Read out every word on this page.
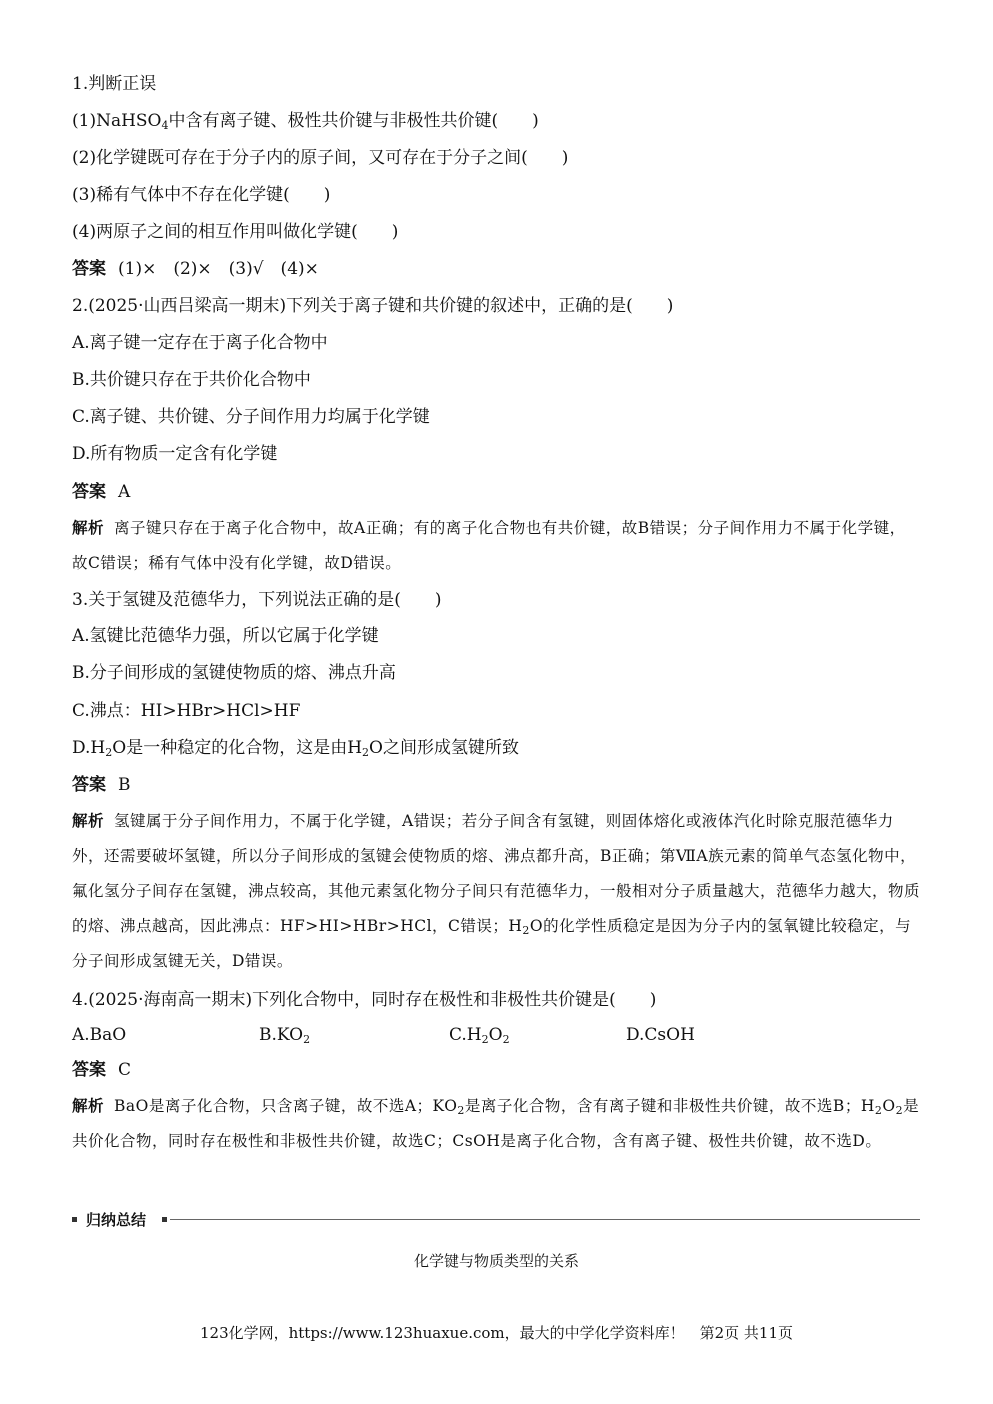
1.判断正误
(1)NaHSO$_4$中含有离子键、极性共价键与非极性共价键(　　)
(2)化学键既可存在于分子内的原子间，又可存在于分子之间(　　)
(3)稀有气体中不存在化学键(　　)
(4)两原子之间的相互作用叫做化学键(　　)
答案 (1)×　(2)×　(3)√　(4)×
2.(2025·山西吕梁高一期末)下列关于离子键和共价键的叙述中，正确的是(　　)
A.离子键一定存在于离子化合物中
B.共价键只存在于共价化合物中
C.离子键、共价键、分子间作用力均属于化学键
D.所有物质一定含有化学键
答案 A
解析 离子键只存在于离子化合物中，故A正确；有的离子化合物也有共价键，故B错误；分子间作用力不属于化学键，故C错误；稀有气体中没有化学键，故D错误。
3.关于氢键及范德华力，下列说法正确的是(　　)
A.氢键比范德华力强，所以它属于化学键
B.分子间形成的氢键使物质的熔、沸点升高
C.沸点：HI>HBr>HCl>HF
$D.H_2O$是一种稳定的化合物，这是由$H_2O$之间形成氢键所致
答案 B
解析 氢键属于分子间作用力，不属于化学键，A错误；若分子间含有氢键，则固体熔化或液体汽化时除克服范德华力外，还需要破坏氢键，所以分子间形成的氢键会使物质的熔、沸点都升高，B正确；第ⅦA族元素的简单气态氢化物中，氟化氢分子间存在氢键，沸点较高，其他元素氢化物分子间只有范德华力，一般相对分子质量越大，范德华力越大，物质的熔、沸点越高，因此沸点：HF>HI>HBr>HCl，C错误；$H_2O$的化学性质稳定是因为分子内的氢氧键比较稳定，与分子间形成氢键无关，D错误。
4.(2025·海南高一期末)下列化合物中，同时存在极性和非极性共价键是(　　)
A.BaO	$B.KO_2$	$C.H_2O_2$	D.CsOH
答案 C
解析 BaO是离子化合物，只含离子键，故不选A；$KO_2$是离子化合物，含有离子键和非极性共价键，故不选B；$H_2O_2$是共价化合物，同时存在极性和非极性共价键，故选C；CsOH是离子化合物，含有离子键、极性共价键，故不选D。
归纳总结
化学键与物质类型的关系
123化学网，https://www.123huaxue.com，最大的中学化学资料库！　第2页 共11页
